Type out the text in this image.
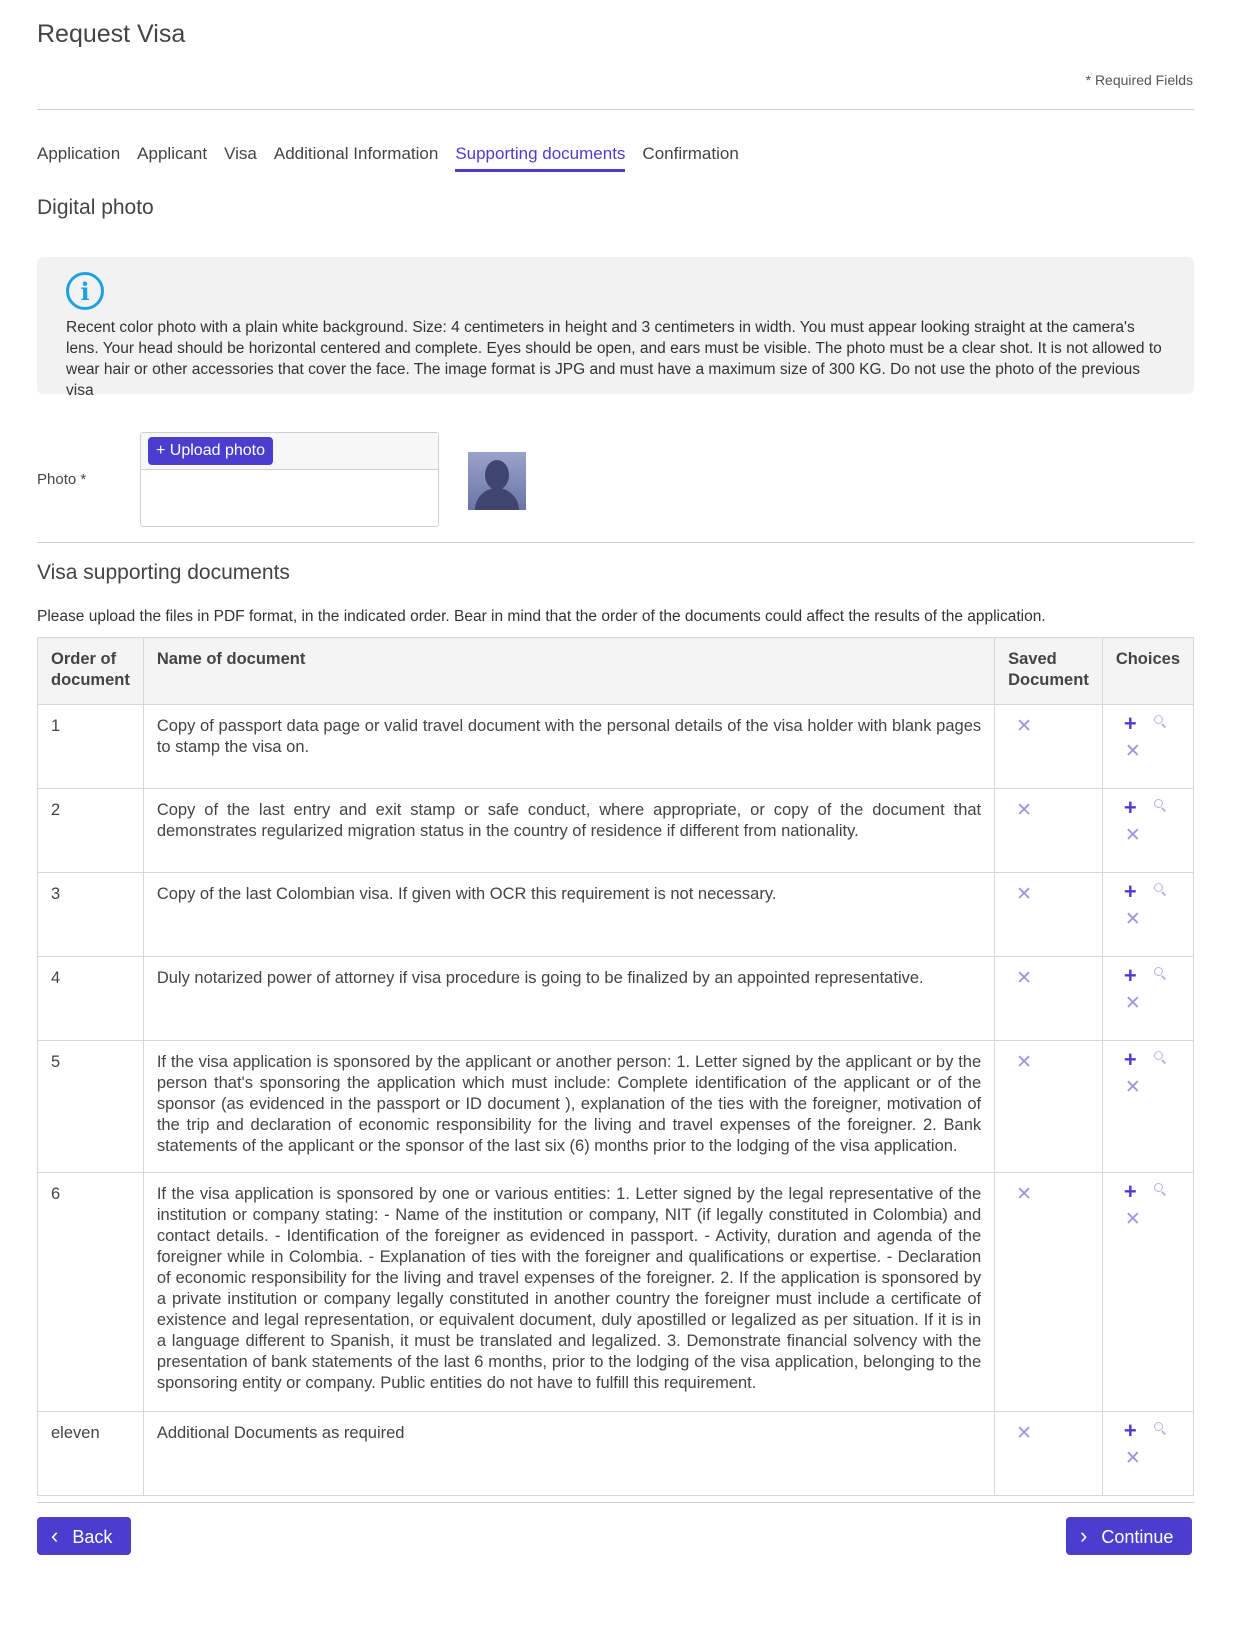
Request Visa
* Required Fields
Application Applicant Visa Additional Information Supporting documents Confirmation
Digital photo
i
Recent color photo with a plain white background. Size: 4 centimeters in height and 3 centimeters in width. You must appear looking straight at the camera's lens. Your head should be horizontal centered and complete. Eyes should be open, and ears must be visible. The photo must be a clear shot. It is not allowed to wear hair or other accessories that cover the face. The image format is JPG and must have a maximum size of 300 KG. Do not use the photo of the previous visa
Photo *
+ Upload photo
Visa supporting documents
Please upload the files in PDF format, in the indicated order. Bear in mind that the order of the documents could affect the results of the application.
Order of document	Name of document	Saved Document	Choices
1	Copy of passport data page or valid travel document with the personal details of the visa holder with blank pages to stamp the visa on.	✕	+
✕

2	Copy of the last entry and exit stamp or safe conduct, where appropriate, or copy of the document that demonstrates regularized migration status in the country of residence if different from nationality.	✕	+
✕

3	Copy of the last Colombian visa. If given with OCR this requirement is not necessary.	✕	+
✕

4	Duly notarized power of attorney if visa procedure is going to be finalized by an appointed representative.	✕	+
✕

5	If the visa application is sponsored by the applicant or another person: 1. Letter signed by the applicant or by the person that's sponsoring the application which must include: Complete identification of the applicant or of the sponsor (as evidenced in the passport or ID document ), explanation of the ties with the foreigner, motivation of the trip and declaration of economic responsibility for the living and travel expenses of the foreigner. 2. Bank statements of the applicant or the sponsor of the last six (6) months prior to the lodging of the visa application.	✕	+
✕

6	If the visa application is sponsored by one or various entities: 1. Letter signed by the legal representative of the institution or company stating: - Name of the institution or company, NIT (if legally constituted in Colombia) and contact details. - Identification of the foreigner as evidenced in passport. - Activity, duration and agenda of the foreigner while in Colombia. - Explanation of ties with the foreigner and qualifications or expertise. - Declaration of economic responsibility for the living and travel expenses of the foreigner. 2. If the application is sponsored by a private institution or company legally constituted in another country the foreigner must include a certificate of existence and legal representation, or equivalent document, duly apostilled or legalized as per situation. If it is in a language different to Spanish, it must be translated and legalized. 3. Demonstrate financial solvency with the presentation of bank statements of the last 6 months, prior to the lodging of the visa application, belonging to the sponsoring entity or company. Public entities do not have to fulfill this requirement.	✕	+
✕

eleven	Additional Documents as required	✕	+
✕
‹ Back	› Continue
